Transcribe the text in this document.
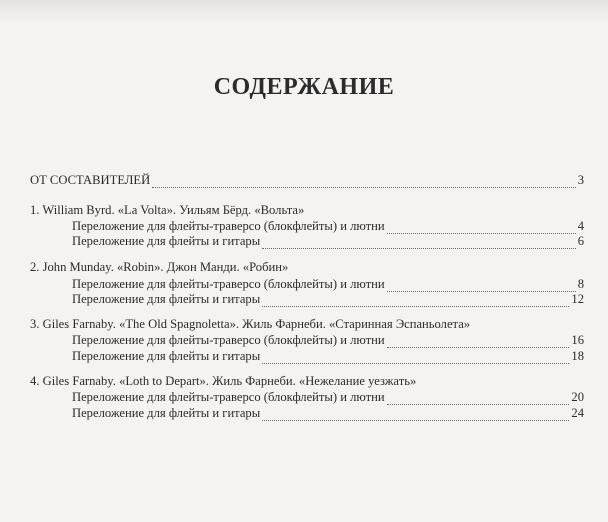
СОДЕРЖАНИЕ
ОТ СОСТАВИТЕЛЕЙ	3
1. William Byrd. «La Volta». Уильям Бёрд. «Вольта»
Переложение для флейты-траверсо (блокфлейты) и лютни	4
Переложение для флейты и гитары	6
2. John Munday. «Robin». Джон Манди. «Робин»
Переложение для флейты-траверсо (блокфлейты) и лютни	8
Переложение для флейты и гитары	12
3. Giles Farnaby. «The Old Spagnoletta». Жиль Фарнеби. «Старинная Эспаньолета»
Переложение для флейты-траверсо (блокфлейты) и лютни	16
Переложение для флейты и гитары	18
4. Giles Farnaby. «Loth to Depart». Жиль Фарнеби. «Нежелание уезжать»
Переложение для флейты-траверсо (блокфлейты) и лютни	20
Переложение для флейты и гитары	24
